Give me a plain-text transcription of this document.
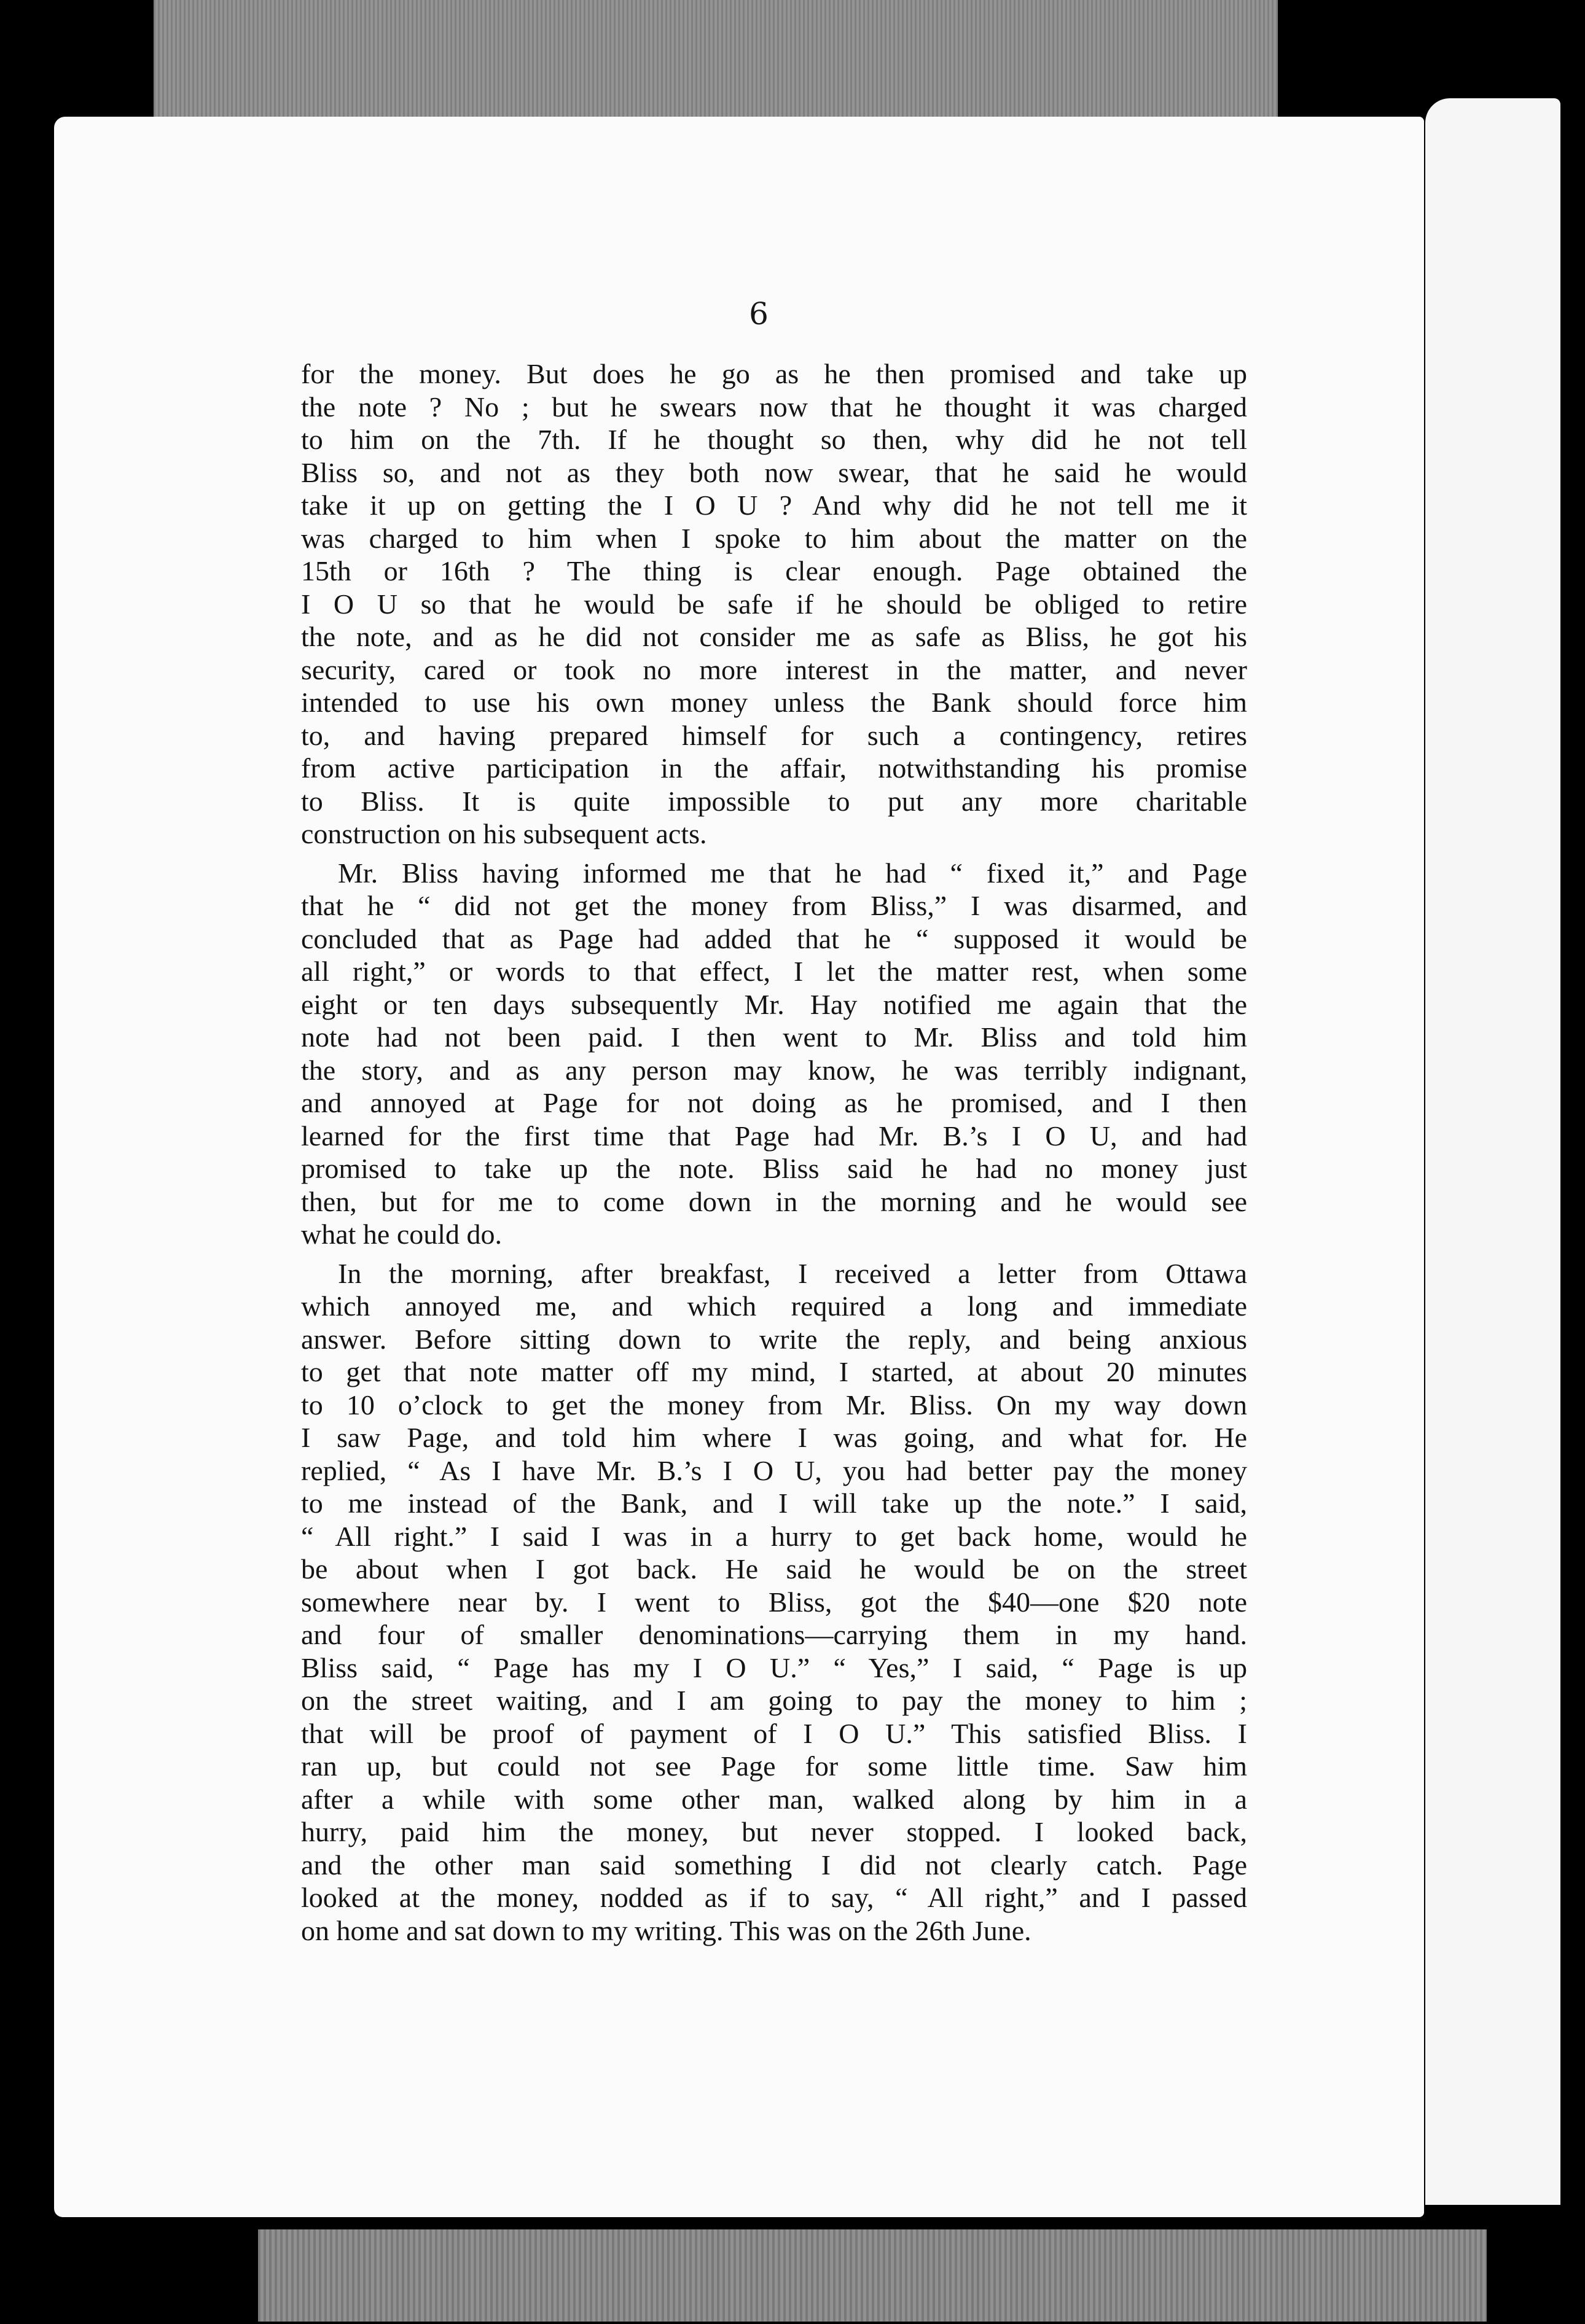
6
for the money. But does he go as he then promised and take up
the note ? No ; but he swears now that he thought it was charged
to him on the 7th. If he thought so then, why did he not tell
Bliss so, and not as they both now swear, that he said he would
take it up on getting the I O U ? And why did he not tell me it
was charged to him when I spoke to him about the matter on the
15th or 16th ? The thing is clear enough. Page obtained the
I O U so that he would be safe if he should be obliged to retire
the note, and as he did not consider me as safe as Bliss, he got his
security, cared or took no more interest in the matter, and never
intended to use his own money unless the Bank should force him
to, and having prepared himself for such a contingency, retires
from active participation in the affair, notwithstanding his promise
to Bliss. It is quite impossible to put any more charitable
construction on his subsequent acts.
Mr. Bliss having informed me that he had “ fixed it,” and Page
that he “ did not get the money from Bliss,” I was disarmed, and
concluded that as Page had added that he “ supposed it would be
all right,” or words to that effect, I let the matter rest, when some
eight or ten days subsequently Mr. Hay notified me again that the
note had not been paid. I then went to Mr. Bliss and told him
the story, and as any person may know, he was terribly indignant,
and annoyed at Page for not doing as he promised, and I then
learned for the first time that Page had Mr. B.’s I O U, and had
promised to take up the note. Bliss said he had no money just
then, but for me to come down in the morning and he would see
what he could do.
In the morning, after breakfast, I received a letter from Ottawa
which annoyed me, and which required a long and immediate
answer. Before sitting down to write the reply, and being anxious
to get that note matter off my mind, I started, at about 20 minutes
to 10 o’clock to get the money from Mr. Bliss. On my way down
I saw Page, and told him where I was going, and what for. He
replied, “ As I have Mr. B.’s I O U, you had better pay the money
to me instead of the Bank, and I will take up the note.” I said,
“ All right.” I said I was in a hurry to get back home, would he
be about when I got back. He said he would be on the street
somewhere near by. I went to Bliss, got the $40—one $20 note
and four of smaller denominations—carrying them in my hand.
Bliss said, “ Page has my I O U.” “ Yes,” I said, “ Page is up
on the street waiting, and I am going to pay the money to him ;
that will be proof of payment of I O U.” This satisfied Bliss. I
ran up, but could not see Page for some little time. Saw him
after a while with some other man, walked along by him in a
hurry, paid him the money, but never stopped. I looked back,
and the other man said something I did not clearly catch. Page
looked at the money, nodded as if to say, “ All right,” and I passed
on home and sat down to my writing. This was on the 26th June.
